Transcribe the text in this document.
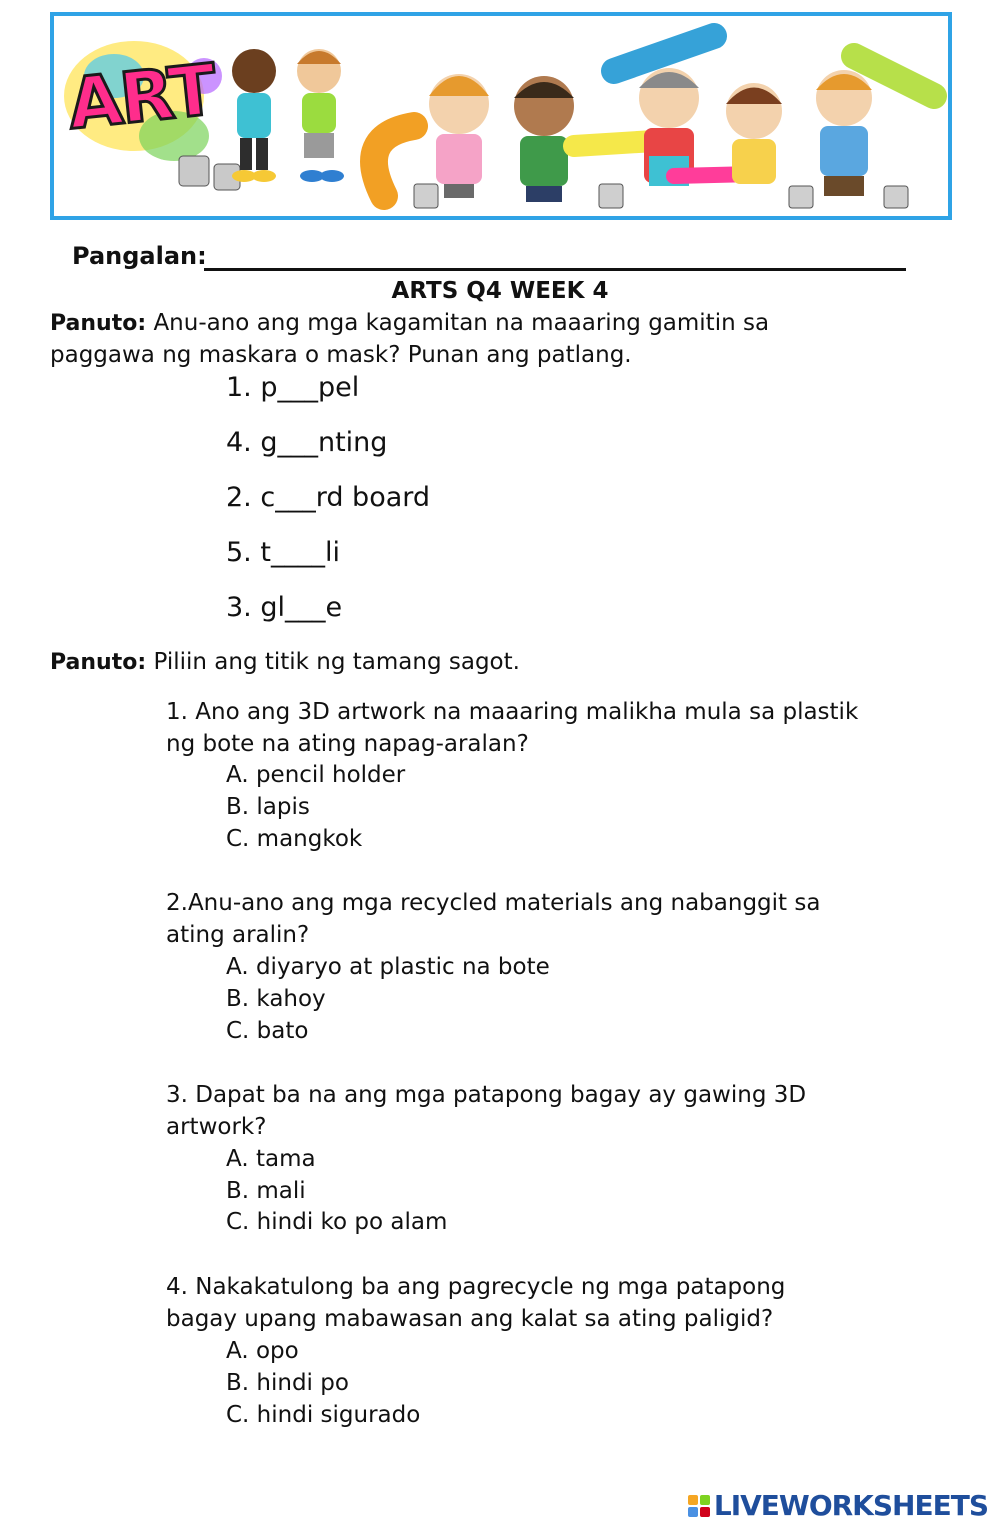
ART
Pangalan:
ARTS Q4 WEEK 4
Panuto: Anu-ano ang mga kagamitan na maaaring gamitin sa
paggawa ng maskara o mask? Punan ang patlang.
1. p___pel
4. g___nting
2. c___rd board
5. t____li
3. gl___e
Panuto: Piliin ang titik ng tamang sagot.
1. Ano ang 3D artwork na maaaring malikha mula sa plastik
ng bote na ating napag-aralan?
A. pencil holder
B. lapis
C. mangkok
2.Anu-ano ang mga recycled materials ang nabanggit sa
ating aralin?
A. diyaryo at plastic na bote
B. kahoy
C. bato
3. Dapat ba na ang mga patapong bagay ay gawing 3D
artwork?
A. tama
B. mali
C. hindi ko po alam
4. Nakakatulong ba ang pagrecycle ng mga patapong
bagay upang mabawasan ang kalat sa ating paligid?
A. opo
B. hindi po
C. hindi sigurado
LIVEWORKSHEETS
